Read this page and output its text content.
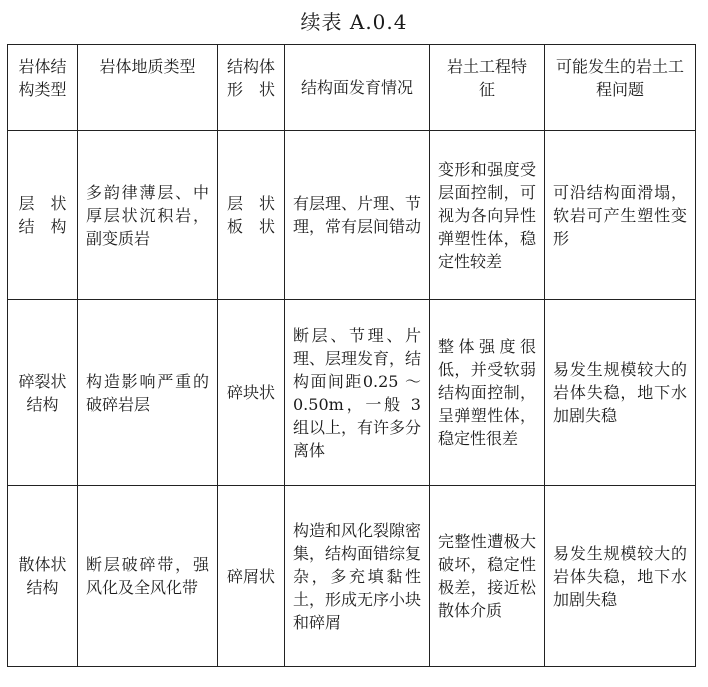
续表 A.0.4
岩体结构类型	岩体地质类型	结构体形　状	结构面发育情况	岩土工程特　征	可能发生的岩土工程问题
层　状结　构	多韵律薄层、中厚层状沉积岩，副变质岩	层　状板　状	有层理、片理、节理，常有层间错动	变形和强度受层面控制，可视为各向异性弹塑性体，稳定性较差	可沿结构面滑塌，软岩可产生塑性变形
碎裂状结构	构造影响严重的破碎岩层	碎块状	断层、节理、片理、层理发育，结构面间距0.25 ～ 0.50m，一般 3 组以上，有许多分离体	整体强度很低，并受软弱结构面控制，呈弹塑性体，稳定性很差	易发生规模较大的岩体失稳，地下水加剧失稳
散体状结构	断层破碎带，强风化及全风化带	碎屑状	构造和风化裂隙密集，结构面错综复杂，多充填黏性土，形成无序小块和碎屑	完整性遭极大破坏，稳定性极差，接近松散体介质	易发生规模较大的岩体失稳，地下水加剧失稳
